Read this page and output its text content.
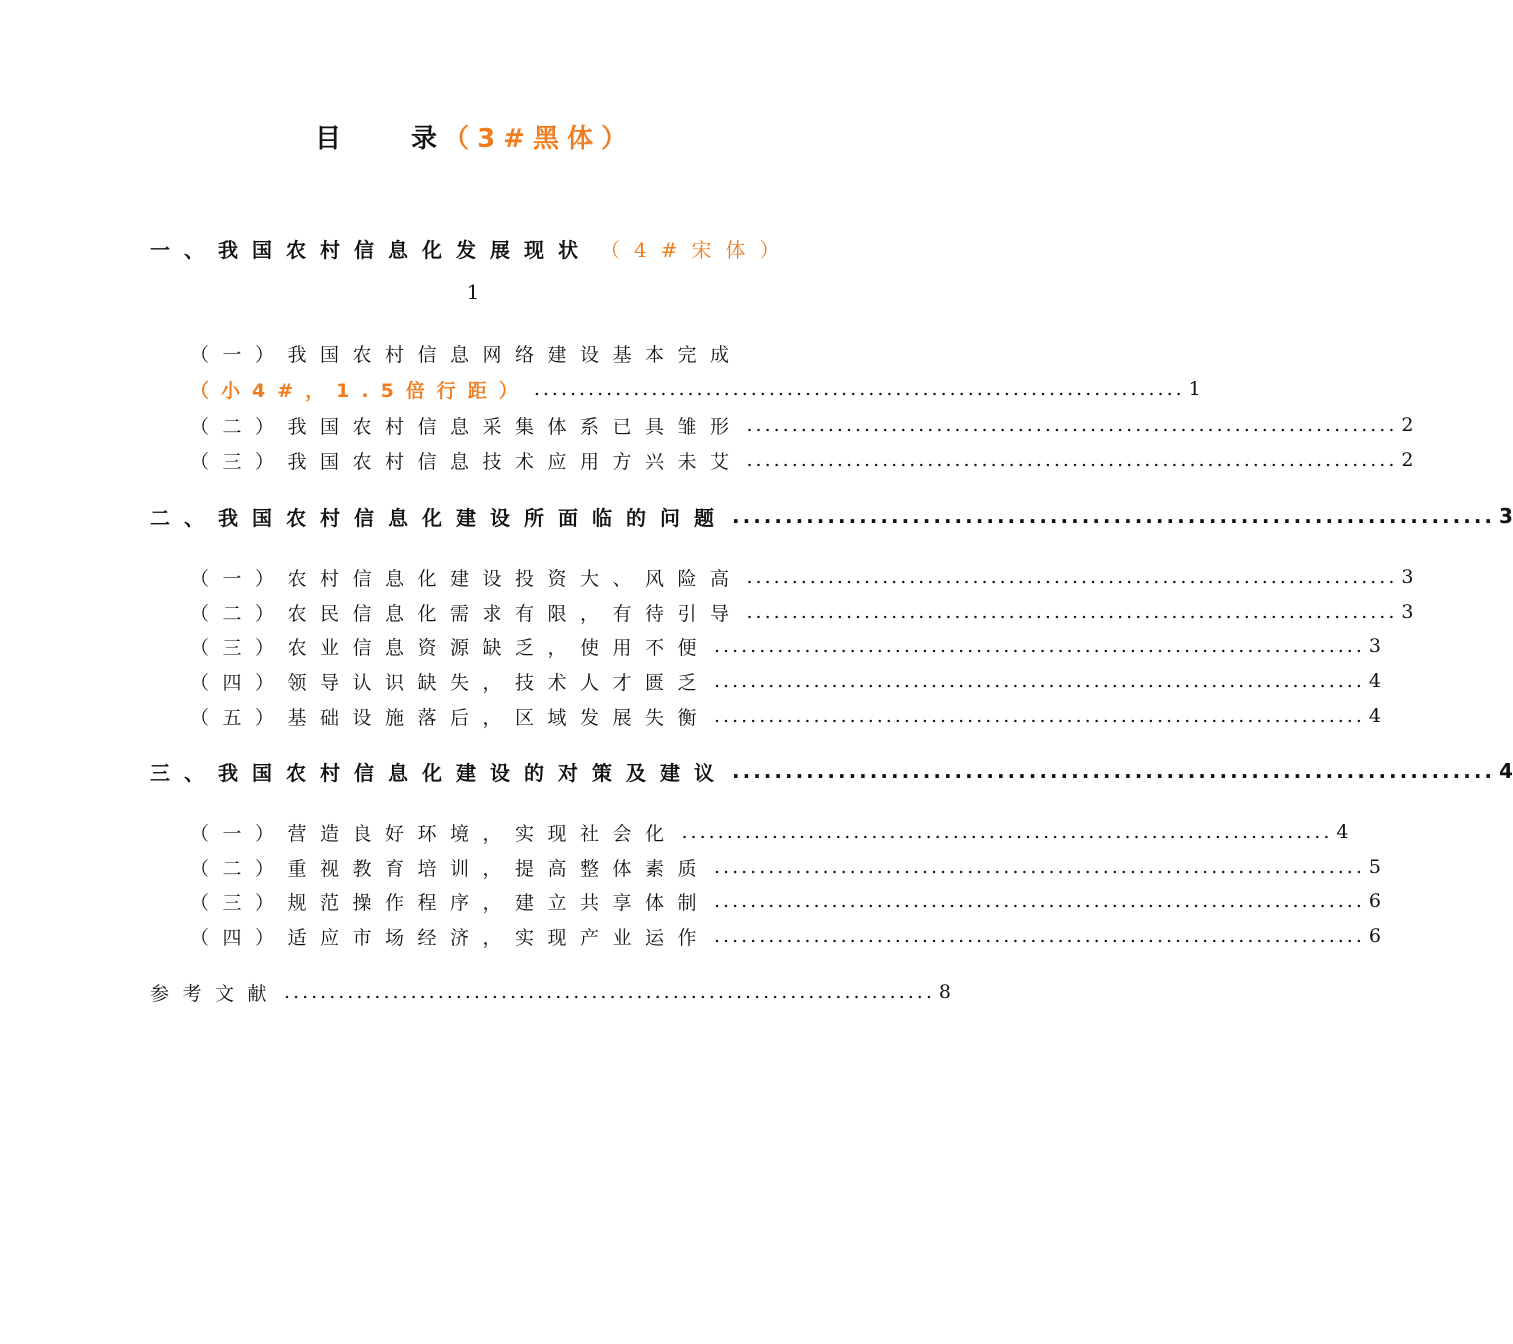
目	录 （3#黑体）
一、我国农村信息化发展现状 （4#宋体）
1
（一）我国农村信息网络建设基本完成
（小4#，1.5倍行距） ........................................................................ 1
（二）我国农村信息采集体系已具雏形 ........................................................................ 2
（三）我国农村信息技术应用方兴未艾 ........................................................................ 2
二、我国农村信息化建设所面临的问题 ........................................................................ 3
（一）农村信息化建设投资大、风险高 ........................................................................ 3
（二）农民信息化需求有限，有待引导 ........................................................................ 3
（三）农业信息资源缺乏，使用不便 ........................................................................ 3
（四）领导认识缺失，技术人才匮乏 ........................................................................ 4
（五）基础设施落后，区域发展失衡 ........................................................................ 4
三、我国农村信息化建设的对策及建议 ........................................................................ 4
（一）营造良好环境，实现社会化 ........................................................................ 4
（二）重视教育培训，提高整体素质 ........................................................................ 5
（三）规范操作程序，建立共享体制 ........................................................................ 6
（四）适应市场经济，实现产业运作 ........................................................................ 6
参考文献 ........................................................................ 8
